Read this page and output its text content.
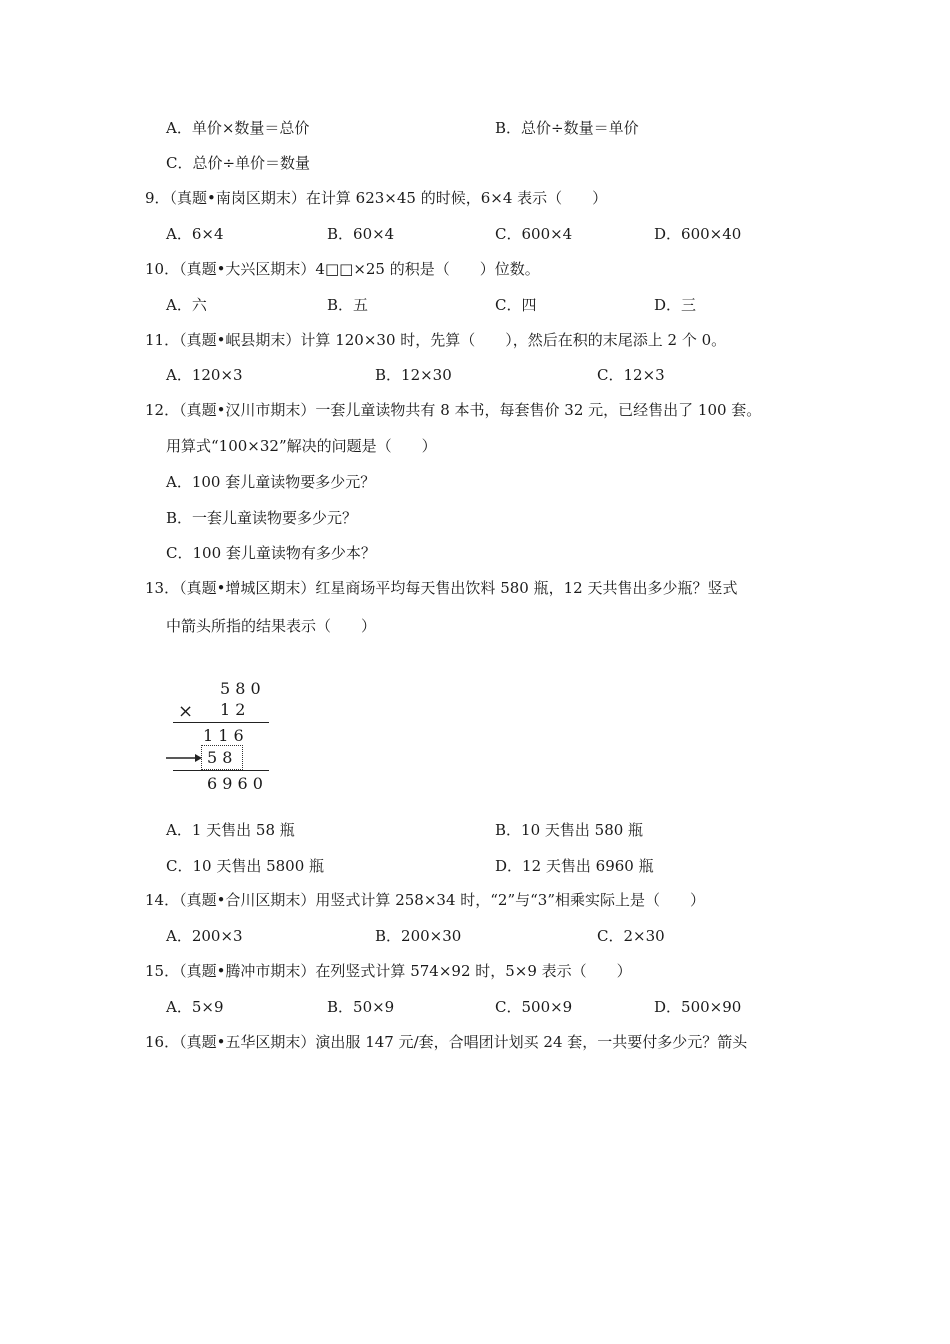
A．单价×数量＝总价	B．总价÷数量＝单价
C．总价÷单价＝数量
9．（真题•南岗区期末）在计算 623×45 的时候，6×4 表示（　　）
A．6×4	B．60×4	C．600×4	D．600×40
10．（真题•大兴区期末）4□□×25 的积是（　　）位数。
A．六	B．五	C．四	D．三
11．（真题•岷县期末）计算 120×30 时，先算（　　），然后在积的末尾添上 2 个 0。
A．120×3	B．12×30	C．12×3
12．（真题•汉川市期末）一套儿童读物共有 8 本书，每套售价 32 元，已经售出了 100 套。
用算式“100×32”解决的问题是（　　）
A．100 套儿童读物要多少元？
B．一套儿童读物要多少元？
C．100 套儿童读物有多少本？
13．（真题•增城区期末）红星商场平均每天售出饮料 580 瓶，12 天共售出多少瓶？竖式
中箭头所指的结果表示（　　）
5 8 0
× 1 2
1 1 6
5 8
6 9 6 0
A．1 天售出 58 瓶	B．10 天售出 580 瓶
C．10 天售出 5800 瓶	D．12 天售出 6960 瓶
14．（真题•合川区期末）用竖式计算 258×34 时，“2”与“3”相乘实际上是（　　）
A．200×3	B．200×30	C．2×30
15．（真题•腾冲市期末）在列竖式计算 574×92 时，5×9 表示（　　）
A．5×9	B．50×9	C．500×9	D．500×90
16．（真题•五华区期末）演出服 147 元/套，合唱团计划买 24 套，一共要付多少元？箭头
